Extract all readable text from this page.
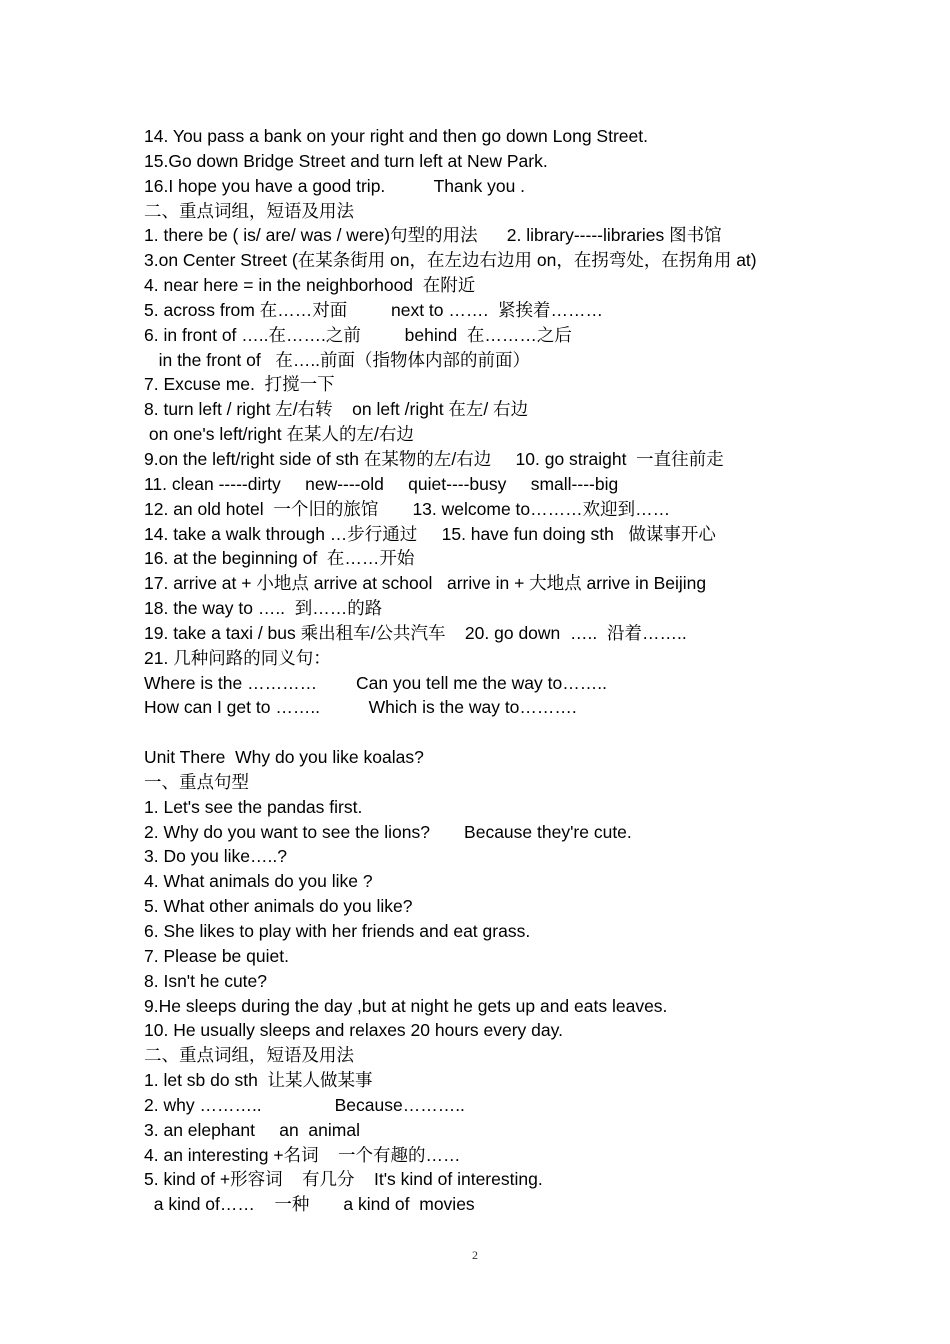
14. You pass a bank on your right and then go down Long Street.
15.Go down Bridge Street and turn left at New Park.
16.I hope you have a good trip.          Thank you .
二、重点词组，短语及用法
1. there be ( is/ are/ was / were)句型的用法      2. library-----libraries 图书馆
3.on Center Street (在某条街用 on，在左边右边用 on，在拐弯处，在拐角用 at)
4. near here = in the neighborhood  在附近
5. across from 在……对面         next to …….  紧挨着………
6. in front of …..在…….之前         behind  在………之后
in the front of   在…..前面（指物体内部的前面）
7. Excuse me.  打搅一下
8. turn left / right 左/右转    on left /right 在左/ 右边
on one's left/right 在某人的左/右边
9.on the left/right side of sth 在某物的左/右边     10. go straight  一直往前走
11. clean -----dirty     new----old     quiet----busy     small----big
12. an old hotel  一个旧的旅馆       13. welcome to………欢迎到……
14. take a walk through …步行通过     15. have fun doing sth   做谋事开心
16. at the beginning of  在……开始
17. arrive at + 小地点 arrive at school   arrive in + 大地点 arrive in Beijing
18. the way to …..  到……的路
19. take a taxi / bus 乘出租车/公共汽车    20. go down  …..  沿着……..
21. 几种问路的同义句：
Where is the …………        Can you tell me the way to……..
How can I get to ……..          Which is the way to……….
Unit There  Why do you like koalas?
一、重点句型
1. Let's see the pandas first.
2. Why do you want to see the lions?       Because they're cute.
3. Do you like…..?
4. What animals do you like ?
5. What other animals do you like?
6. She likes to play with her friends and eat grass.
7. Please be quiet.
8. Isn't he cute?
9.He sleeps during the day ,but at night he gets up and eats leaves.
10. He usually sleeps and relaxes 20 hours every day.
二、重点词组，短语及用法
1. let sb do sth  让某人做某事
2. why ………..               Because………..
3. an elephant     an  animal
4. an interesting +名词    一个有趣的……
5. kind of +形容词    有几分    It's kind of interesting.
a kind of……    一种       a kind of  movies
2
